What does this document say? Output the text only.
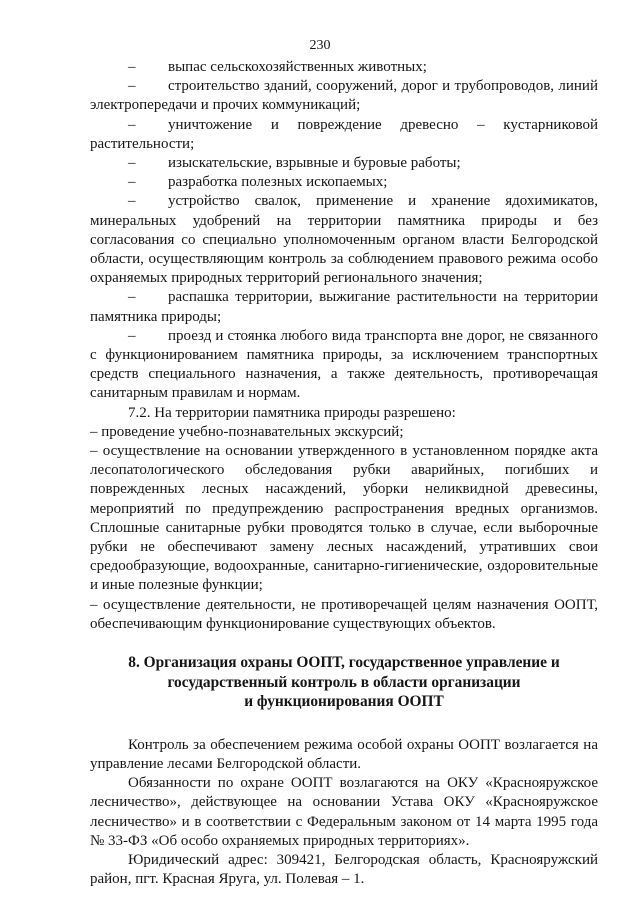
230

– выпас сельскохозяйственных животных;

– строительство зданий, сооружений, дорог и трубопроводов, линий электропередачи и прочих коммуникаций;

– уничтожение и повреждение древесно – кустарниковой растительности;

– изыскательские, взрывные и буровые работы;

– разработка полезных ископаемых;

– устройство свалок, применение и хранение ядохимикатов, минеральных удобрений на территории памятника природы и без согласования со специально уполномоченным органом власти Белгородской области, осуществляющим контроль за соблюдением правового режима особо охраняемых природных территорий регионального значения;

– распашка территории, выжигание растительности на территории памятника природы;

– проезд и стоянка любого вида транспорта вне дорог, не связанного с функционированием памятника природы, за исключением транспортных средств специального назначения, а также деятельность, противоречащая санитарным правилам и нормам.

7.2. На территории памятника природы разрешено:

– проведение учебно-познавательных экскурсий;

– осуществление на основании утвержденного в установленном порядке акта лесопатологического обследования рубки аварийных, погибших и поврежденных лесных насаждений, уборки неликвидной древесины, мероприятий по предупреждению распространения вредных организмов. Сплошные санитарные рубки проводятся только в случае, если выборочные рубки не обеспечивают замену лесных насаждений, утративших свои средообразующие, водоохранные, санитарно-гигиенические, оздоровительные и иные полезные функции;

– осуществление деятельности, не противоречащей целям назначения ООПТ, обеспечивающим функционирование существующих объектов.

8. Организация охраны ООПТ, государственное управление и
государственный контроль в области организации
и функционирования ООПТ

Контроль за обеспечением режима особой охраны ООПТ возлагается на управление лесами Белгородской области.

Обязанности по охране ООПТ возлагаются на ОКУ «Краснояружское лесничество», действующее на основании Устава ОКУ «Краснояружское лесничество» и в соответствии с Федеральным законом от 14 марта 1995 года № 33-ФЗ «Об особо охраняемых природных территориях».

Юридический адрес: 309421, Белгородская область, Краснояружский район, пгт. Красная Яруга, ул. Полевая – 1.
